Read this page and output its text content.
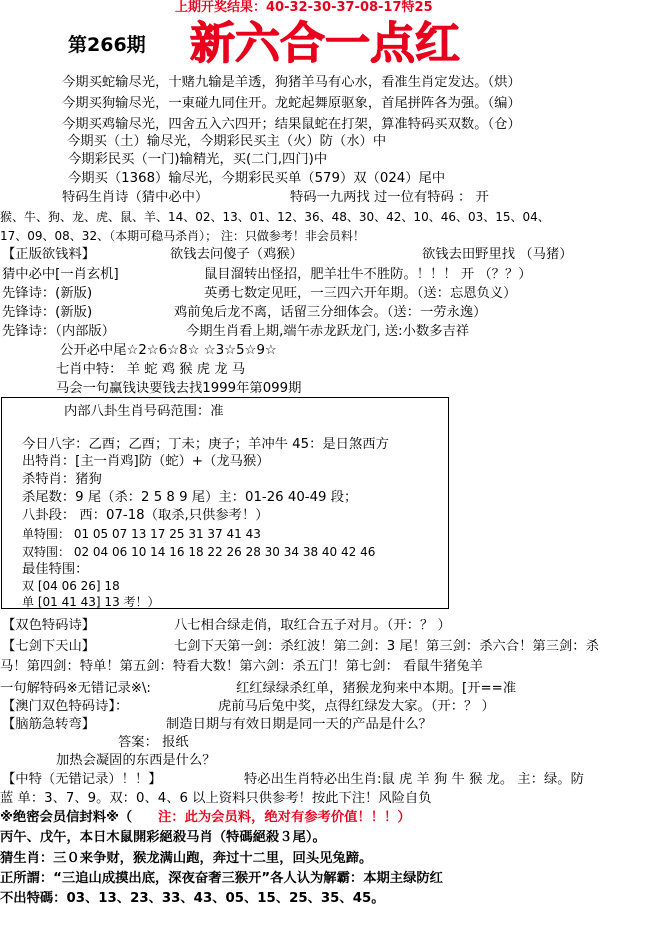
上期开奖结果：40-32-30-37-08-17特25
第266期 新六合一点红
今期买蛇输尽光，十赌九输是羊透，狗猪羊马有心水，看准生肖定发达。（烘）
今期买狗输尽光，一東碰九同住开。龙蛇起舞原驱象，首尾拼阵各为强。（编）
今期买鸡输尽光，四舍五入六四开；结果鼠蛇在打架，算准特码买双数。（仓）
今期买（土）输尽光，今期彩民买主（火）防（水）中
今期彩民买（一门)输精光，买(二门,四门)中
今期买（1368）输尽光，今期彩民买单（579）双（024）尾中
特码生肖诗（猜中必中）	特码一九两找 过一位有特码 ： 开
猴、牛、狗、龙、虎、鼠、羊、14、02、13、01、12、36、48、30、42、10、46、03、15、04、
17、09、08、32、（本期可稳马杀肖）； 注：只做参考！非会员料！
【正版欲钱料】	欲钱去问傻子（鸡猴）	欲钱去田野里找 （马猪）
猜中必中[一肖玄机]	鼠目溜转出怪招，肥羊壮牛不胜防。！！！ 开 （？？）
先锋诗：(新版)	英勇七数定见旺，一三四六开年期。（送：忘恩负义）
先锋诗：(新版)	鸡前兔后龙不离，话留三分细体会。（送：一劳永逸）
先锋诗：（内部版）	今期生肖看上期,端午赤龙跃龙门, 送:小数多吉祥
公开必中尾☆2☆6☆8☆ ☆3☆5☆9☆
七肖中特： 羊 蛇 鸡 猴 虎 龙 马
马会一句赢钱诀要钱去找1999年第099期
内部八卦生肖号码范围：准
今日八字：乙酉；乙酉；丁未；庚子；羊冲牛 45：是日煞西方
出特肖：[主一肖鸡]防（蛇）+（龙马猴）
杀特肖：猪狗
杀尾数：9 尾（杀：2 5 8 9 尾）主：01-26 40-49 段；
八卦段： 西：07-18（取杀,只供参考！）
单特围： 01 05 07 13 17 25 31 37 41 43
双特围： 02 04 06 10 14 16 18 22 26 28 30 34 38 40 42 46
最佳特围：
双 [04 06 26] 18
单 [01 41 43] 13 考！）
【双色特码诗】	八七相合绿走俏，取红合五子对月。（开：？ ）
【七剑下天山】	七剑下天第一剑：杀红波！第二剑：3 尾！第三剑：杀六合！第三剑：杀
马！第四剑：特单！第五剑：特看大数！第六剑：杀五门！第七剑： 看鼠牛猪兔羊
一句解特码※无错记录※\:	红红绿绿杀红单，猪猴龙狗来中本期。[开==准
【澳门双色特码诗】：	虎前马后兔中奖，点得红绿发大家。（开：？ ）
【脑筋急转弯】	制造日期与有效日期是同一天的产品是什么？
答案： 报纸
加热会凝固的东西是什么？
【中特（无错记录）！！】	特必出生肖特必出生肖:鼠 虎 羊 狗 牛 猴 龙。 主：绿。防
蓝 单：3、7、9。双：0、4、6 以上资料只供参考！按此下注！风险自负
※绝密会员信封料※（ 注：此为会员料，绝对有参考价值！！！）
丙午、戊午，本日木鼠開彩絕殺马肖（特碼絕殺３尾）。
猜生肖：三０来争财，猴龙满山跑，奔过十二里，回头见兔蹄。
正所謂：“三追山成摸出底，深夜奋奢三猴开”各人认为解霸：本期主绿防红
不出特碼：03、13、23、33、43、05、15、25、35、45。
